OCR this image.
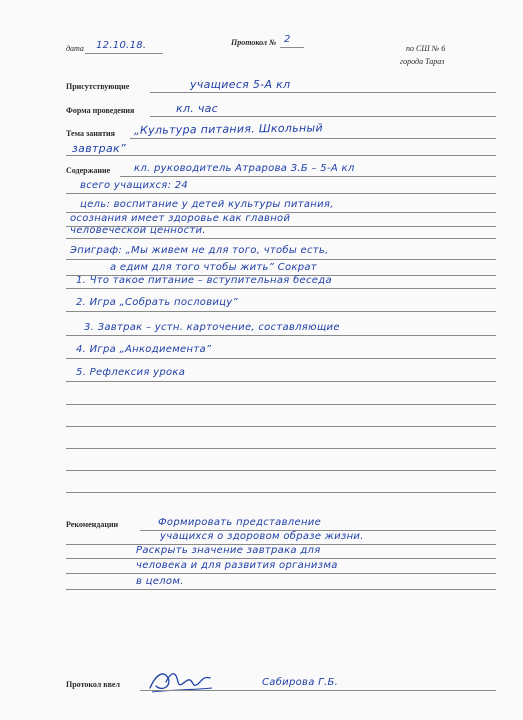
Протокол № 2
дата 12.10.18.	по СШ № 6
города Тараз
Присутствующие	учащиеся 5-А кл
Форма проведения	кл. час
Тема занятия „Культура питания. Школьный
завтрак”
Содержание кл. руководитель Атрарова З.Б – 5-А кл
всего учащихся: 24
цель: воспитание у детей культуры питания,
осознания имеет здоровье как главной
человеческой ценности.
Эпиграф: „Мы живем не для того, чтобы есть,
а едим для того чтобы жить” Сократ
1. Что такое питание – вступительная беседа
2. Игра „Собрать пословицу”
3. Завтрак – устн. карточение, составляющие
4. Игра „Анкодиемента”
5. Рефлексия урока
Рекомендации	Формировать представление
учащихся о здоровом образе жизни.
Раскрыть значение завтрака для
человека и для развития организма
в целом.
Протокол ввел	Сабирова Г.Б.
